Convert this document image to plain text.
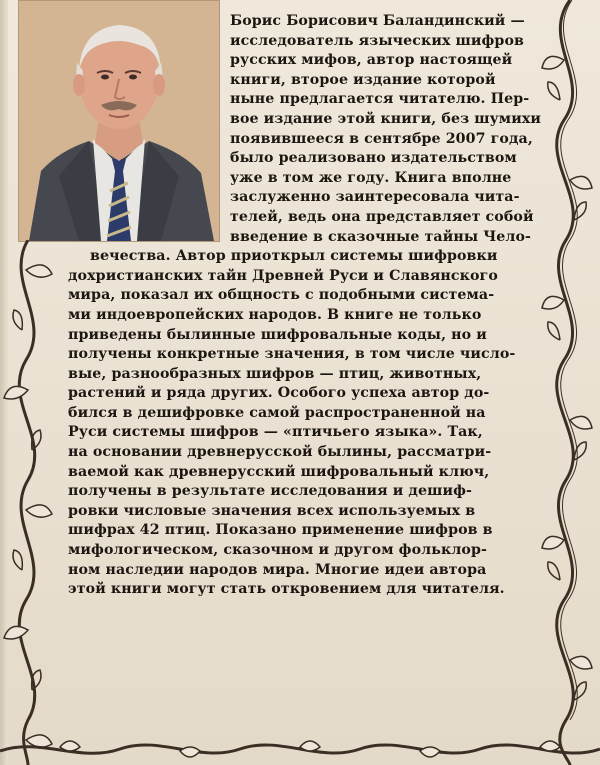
Борис Борисович Баландинский —
исследователь языческих шифров
русских мифов, автор настоящей
книги, второе издание которой
ныне предлагается читателю. Пер-
вое издание этой книги, без шумихи
появившееся в сентябре 2007 года,
было реализовано издательством
уже в том же году. Книга вполне
заслуженно заинтересовала чита-
телей, ведь она представляет собой
введение в сказочные тайны Чело-
вечества. Автор приоткрыл системы шифровки
дохристианских тайн Древней Руси и Славянского
мира, показал их общность с подобными система-
ми индоевропейских народов. В книге не только
приведены былинные шифровальные коды, но и
получены конкретные значения, в том числе число-
вые, разнообразных шифров — птиц, животных,
растений и ряда других. Особого успеха автор до-
бился в дешифровке самой распространенной на
Руси системы шифров — «птичьего языка». Так,
на основании древнерусской былины, рассматри-
ваемой как древнерусский шифровальный ключ,
получены в результате исследования и дешиф-
ровки числовые значения всех используемых в
шифрах 42 птиц. Показано применение шифров в
мифологическом, сказочном и другом фольклор-
ном наследии народов мира. Многие идеи автора
этой книги могут стать откровением для читателя.
